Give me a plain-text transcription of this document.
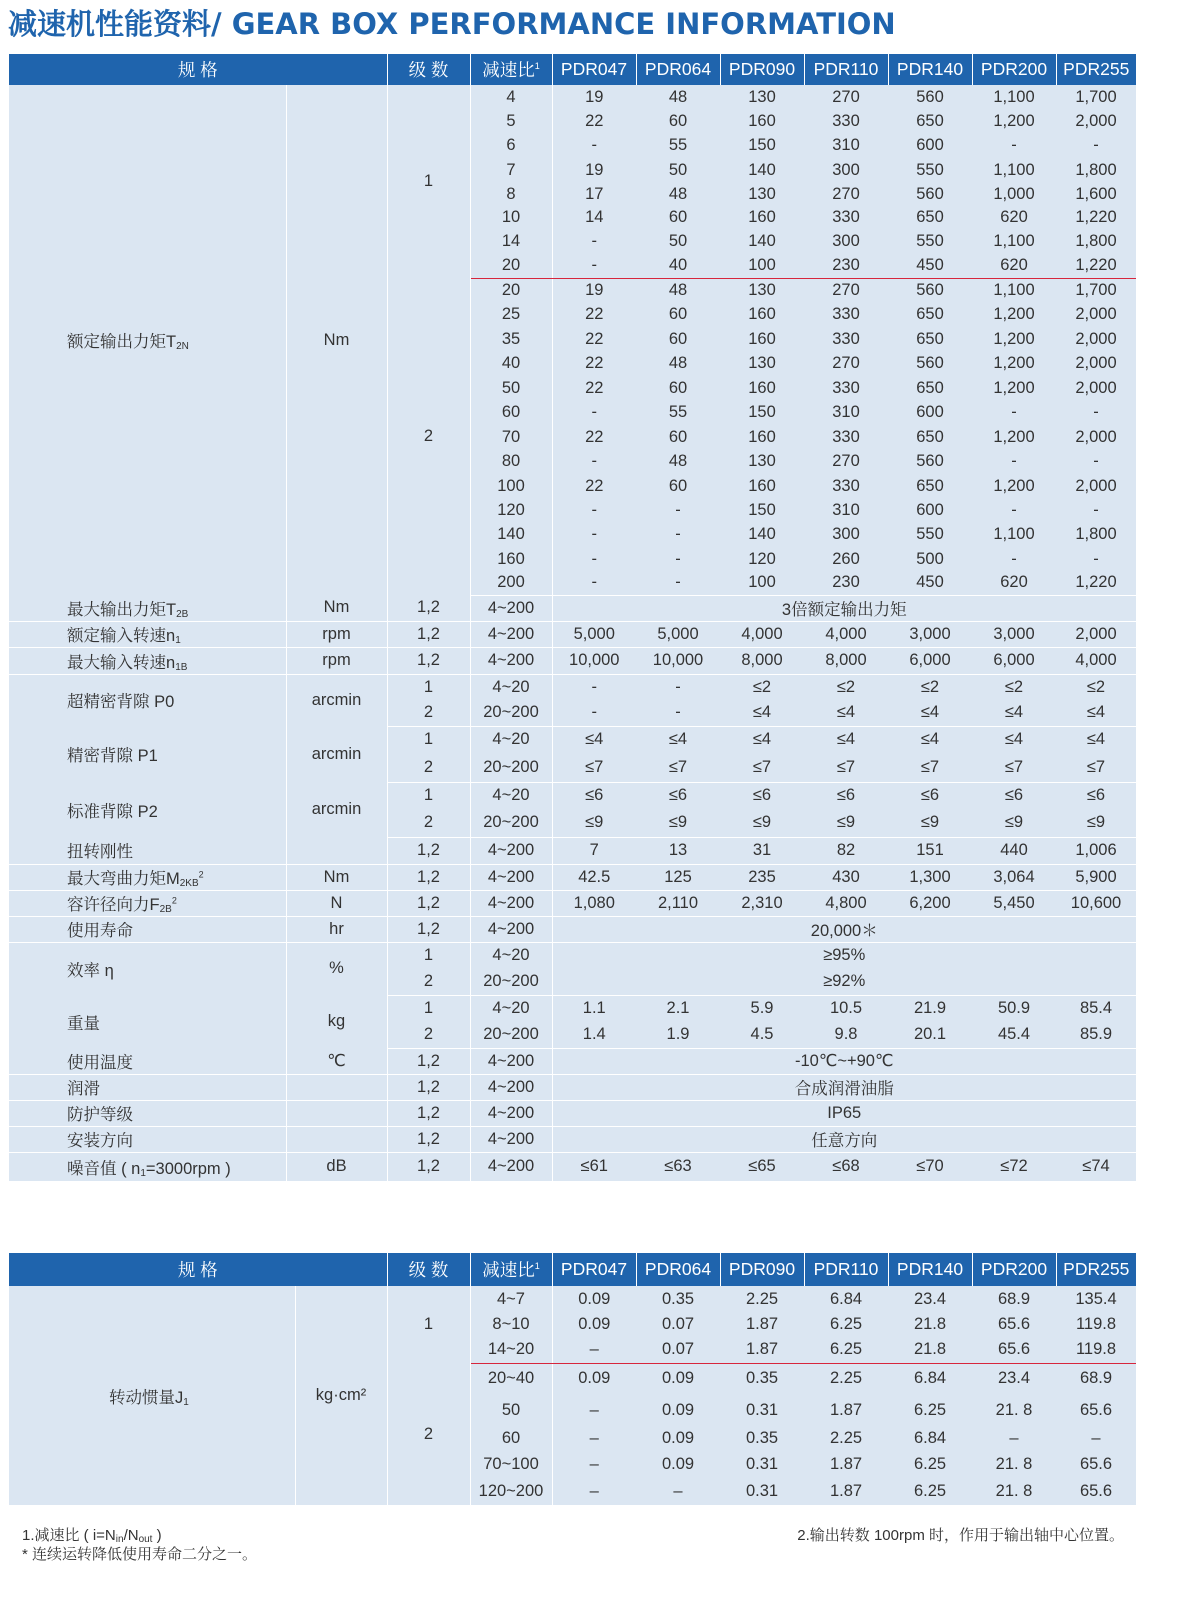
减速机性能资料/ GEAR BOX PERFORMANCE INFORMATION
规 格		级 数	减速比$^1$	PDR047	PDR064	PDR090	PDR110	PDR140	PDR200	PDR255
额定输出力矩$T_{2N}$	Nm	1	4	19	48	130	270	560	1,100	1,700
			5	22	60	160	330	650	1,200	2,000
			6	-	55	150	310	600	-	-
			7	19	50	140	300	550	1,100	1,800
			8	17	48	130	270	560	1,000	1,600
			10	14	60	160	330	650	620	1,220
			14	-	50	140	300	550	1,100	1,800
			20	-	40	100	230	450	620	1,220
		2	20	19	48	130	270	560	1,100	1,700
			25	22	60	160	330	650	1,200	2,000
			35	22	60	160	330	650	1,200	2,000
			40	22	48	130	270	560	1,200	2,000
			50	22	60	160	330	650	1,200	2,000
			60	-	55	150	310	600	-	-
			70	22	60	160	330	650	1,200	2,000
			80	-	48	130	270	560	-	-
			100	22	60	160	330	650	1,200	2,000
			120	-	-	150	310	600	-	-
			140	-	-	140	300	550	1,100	1,800
			160	-	-	120	260	500	-	-
			200	-	-	100	230	450	620	1,220
最大输出力矩$T_{2B}$	Nm	1,2	4~200	3倍额定输出力矩						
额定输入转速$n_1$	rpm	1,2	4~200	5,000	5,000	4,000	4,000	3,000	3,000	2,000
最大输入转速$n_{1B}$	rpm	1,2	4~200	10,000	10,000	8,000	8,000	6,000	6,000	4,000
超精密背隙 P0	arcmin	1	4~20	-	-	≤2	≤2	≤2	≤2	≤2
		2	20~200	-	-	≤4	≤4	≤4	≤4	≤4
精密背隙 P1	arcmin	1	4~20	≤4	≤4	≤4	≤4	≤4	≤4	≤4
		2	20~200	≤7	≤7	≤7	≤7	≤7	≤7	≤7
标准背隙 P2	arcmin	1	4~20	≤6	≤6	≤6	≤6	≤6	≤6	≤6
		2	20~200	≤9	≤9	≤9	≤9	≤9	≤9	≤9
扭转刚性		1,2	4~200	7	13	31	82	151	440	1,006
最大弯曲力矩$M_{2KB}^2$	Nm	1,2	4~200	42.5	125	235	430	1,300	3,064	5,900
容许径向力$F_{2B}^2$	N	1,2	4~200	1,080	2,110	2,310	4,800	6,200	5,450	10,600
使用寿命	hr	1,2	4~200	20,000＊						
效率 η	%	1	4~20	≥95%						
		2	20~200	≥92%						
重量	kg	1	4~20	1.1	2.1	5.9	10.5	21.9	50.9	85.4
		2	20~200	1.4	1.9	4.5	9.8	20.1	45.4	85.9
使用温度	℃	1,2	4~200	-10℃~+90℃						
润滑		1,2	4~200	合成润滑油脂						
防护等级		1,2	4~200	IP65						
安装方向		1,2	4~200	任意方向						
噪音值 ( $n_1=3000rpm$ )	dB	1,2	4~200	≤61	≤63	≤65	≤68	≤70	≤72	≤74
规 格		级 数	减速比$^1$	PDR047	PDR064	PDR090	PDR110	PDR140	PDR200	PDR255
转动惯量$J_1$	kg·cm²	1	4~7	0.09	0.35	2.25	6.84	23.4	68.9	135.4
			8~10	0.09	0.07	1.87	6.25	21.8	65.6	119.8
			14~20	–	0.07	1.87	6.25	21.8	65.6	119.8
		2	20~40	0.09	0.09	0.35	2.25	6.84	23.4	68.9
			50	–	0.09	0.31	1.87	6.25	21. 8	65.6
			60	–	0.09	0.35	2.25	6.84	–	–
			70~100	–	0.09	0.31	1.87	6.25	21. 8	65.6
			120~200	–	–	0.31	1.87	6.25	21. 8	65.6
1.减速比 ( $i=N_{in}/N_{out}$ )	2.输出转数 100rpm 时，作用于输出轴中心位置。
* 连续运转降低使用寿命二分之一。
